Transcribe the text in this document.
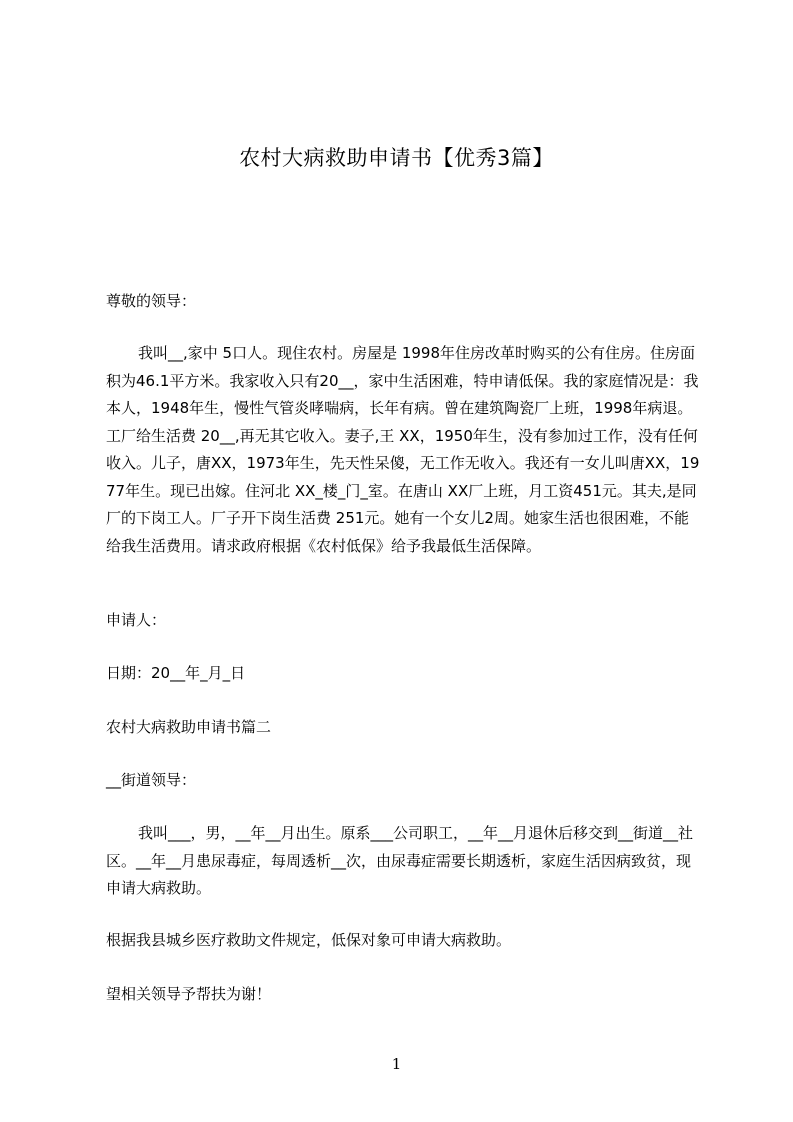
农村大病救助申请书【优秀3篇】
尊敬的领导：
我叫__,家中 5口人。现住农村。房屋是 1998年住房改革时购买的公有住房。住房面积为46.1平方米。我家收入只有20__，家中生活困难，特申请低保。我的家庭情况是：我本人，1948年生，慢性气管炎哮喘病，长年有病。曾在建筑陶瓷厂上班，1998年病退。工厂给生活费 20__,再无其它收入。妻子,王 XX，1950年生，没有参加过工作，没有任何收入。儿子，唐XX，1973年生，先天性呆傻，无工作无收入。我还有一女儿叫唐XX，1977年生。现已出嫁。住河北 XX_楼_门_室。在唐山 XX厂上班，月工资451元。其夫,是同厂的下岗工人。厂子开下岗生活费 251元。她有一个女儿2周。她家生活也很困难，不能给我生活费用。请求政府根据《农村低保》给予我最低生活保障。
申请人：
日期：20__年_月_日
农村大病救助申请书篇二
__街道领导：
我叫___，男，__年__月出生。原系___公司职工，__年__月退休后移交到__街道__社区。__年__月患尿毒症，每周透析__次，由尿毒症需要长期透析，家庭生活因病致贫，现申请大病救助。
根据我县城乡医疗救助文件规定，低保对象可申请大病救助。
望相关领导予帮扶为谢！
1
